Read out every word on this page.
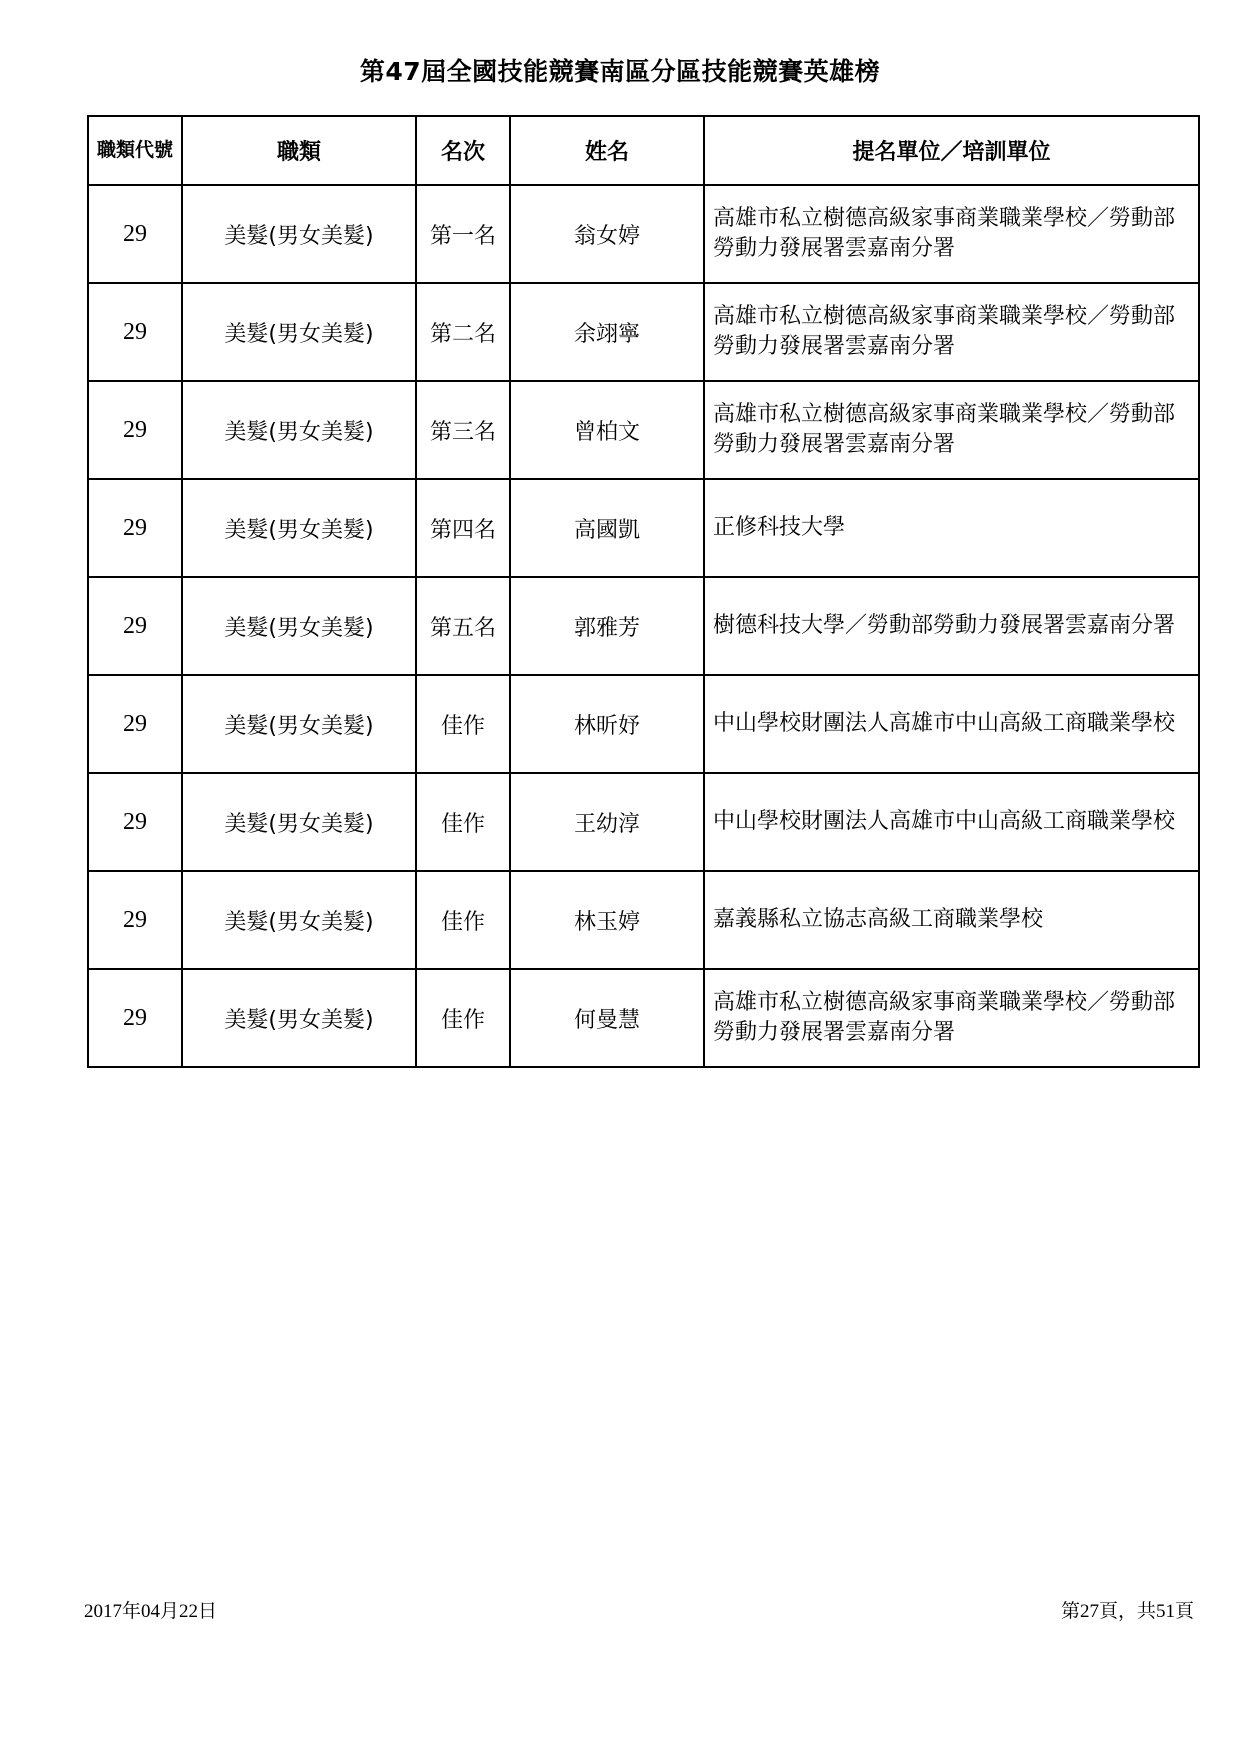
第47屆全國技能競賽南區分區技能競賽英雄榜
職類代號	職類	名次	姓名	提名單位／培訓單位
29	美髮(男女美髮)	第一名	翁女婷	高雄市私立樹德高級家事商業職業學校／勞動部勞動力發展署雲嘉南分署
29	美髮(男女美髮)	第二名	余翊寧	高雄市私立樹德高級家事商業職業學校／勞動部勞動力發展署雲嘉南分署
29	美髮(男女美髮)	第三名	曾柏文	高雄市私立樹德高級家事商業職業學校／勞動部勞動力發展署雲嘉南分署
29	美髮(男女美髮)	第四名	高國凱	正修科技大學
29	美髮(男女美髮)	第五名	郭雅芳	樹德科技大學／勞動部勞動力發展署雲嘉南分署
29	美髮(男女美髮)	佳作	林昕妤	中山學校財團法人高雄市中山高級工商職業學校
29	美髮(男女美髮)	佳作	王幼淳	中山學校財團法人高雄市中山高級工商職業學校
29	美髮(男女美髮)	佳作	林玉婷	嘉義縣私立協志高級工商職業學校
29	美髮(男女美髮)	佳作	何曼慧	高雄市私立樹德高級家事商業職業學校／勞動部勞動力發展署雲嘉南分署
2017年04月22日	第27頁，共51頁
